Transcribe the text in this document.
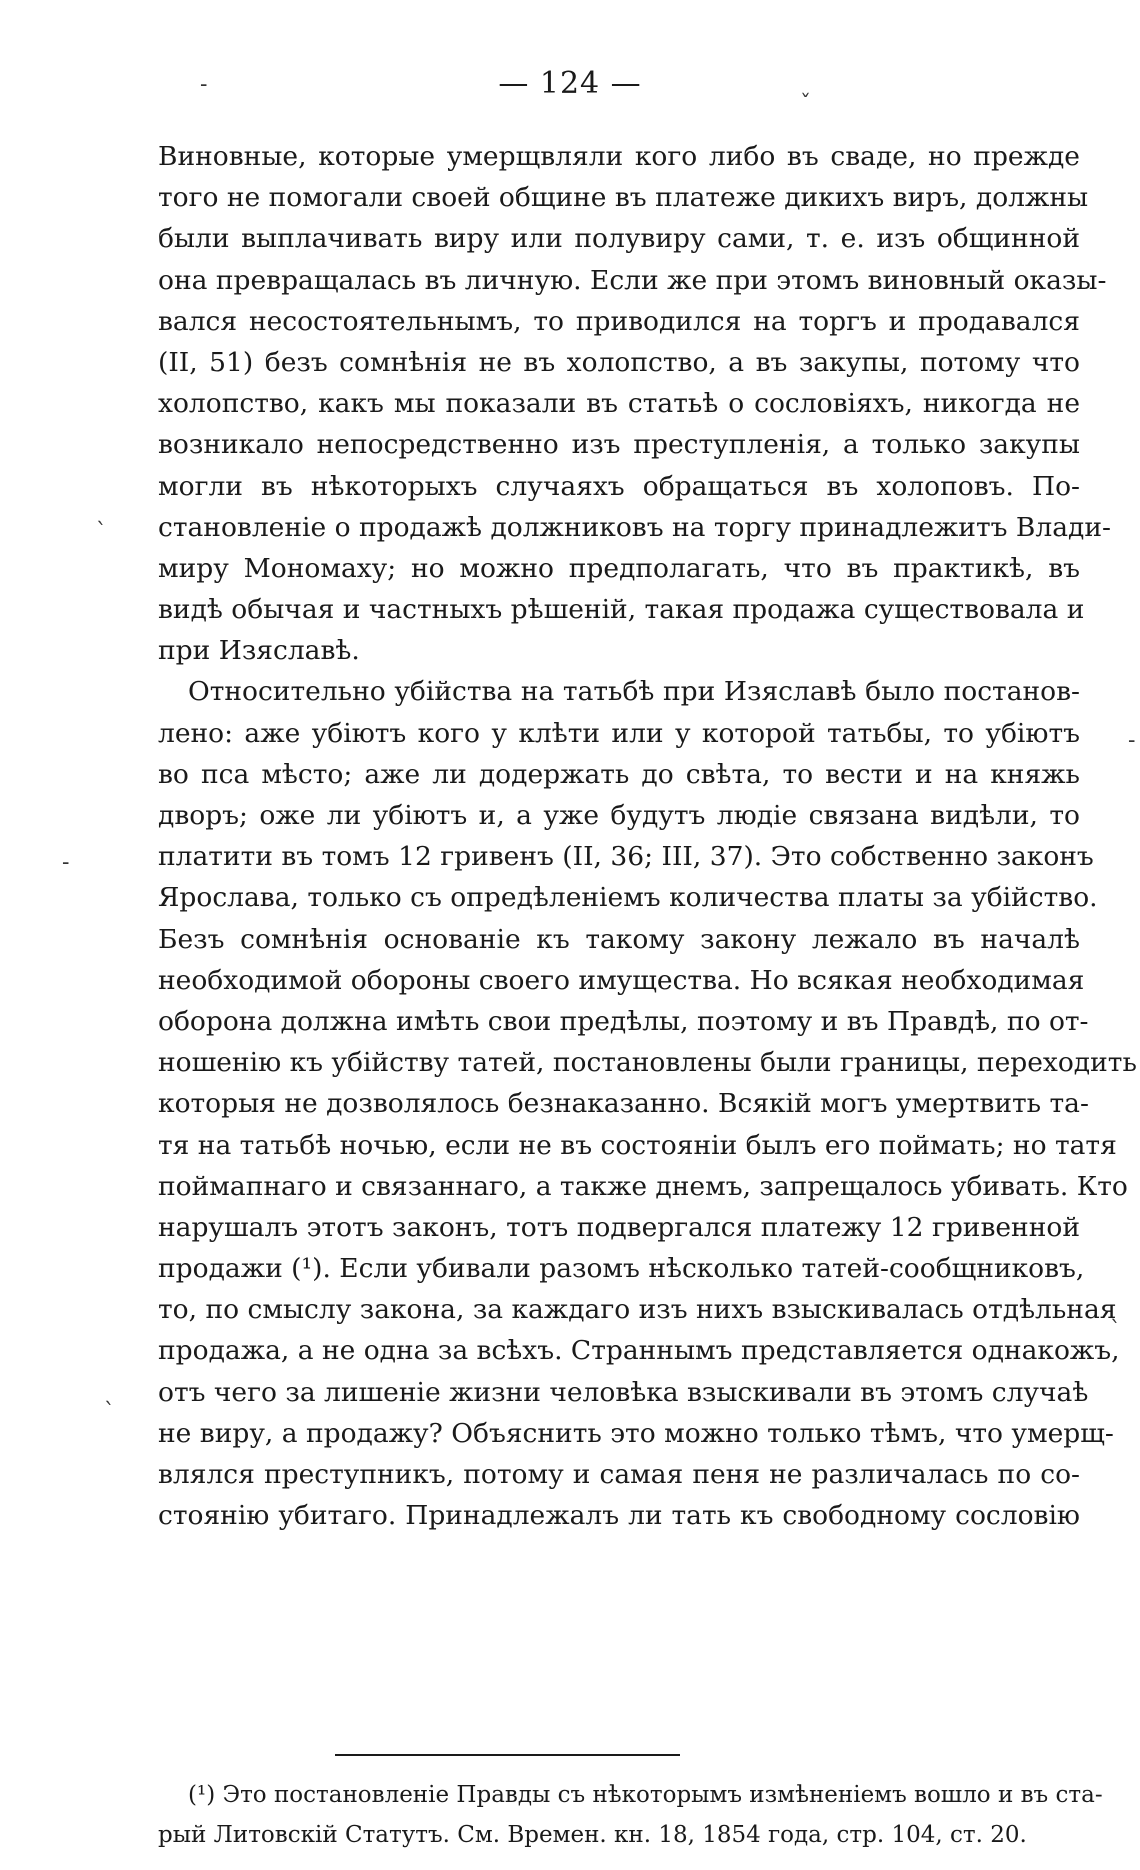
— 124 —
Виновные, которые умерщвляли кого либо въ сваде, но прежде
того не помогали своей общине въ платеже дикихъ виръ, должны
были выплачивать виру или полувиру сами, т. е. изъ общинной
она превращалась въ личную. Если же при этомъ виновный оказы-
вался несостоятельнымъ, то приводился на торгъ и продавался
(II, 51) безъ сомнѣнія не въ холопство, а въ закупы, потому что
холопство, какъ мы показали въ статьѣ о сословіяхъ, никогда не
возникало непосредственно изъ преступленія, а только закупы
могли въ нѣкоторыхъ случаяхъ обращаться въ холоповъ. По-
становленіе о продажѣ должниковъ на торгу принадлежитъ Влади-
миру Мономаху; но можно предполагать, что въ практикѣ, въ
видѣ обычая и частныхъ рѣшеній, такая продажа существовала и
при Изяславѣ.
Относительно убійства на татьбѣ при Изяславѣ было постанов-
лено: аже убіютъ кого у клѣти или у которой татьбы, то убіютъ
во пса мѣсто; аже ли додержать до свѣта, то вести и на княжь
дворъ; оже ли убіютъ и, а уже будутъ людіе связана видѣли, то
платити въ томъ 12 гривенъ (II, 36; III, 37). Это собственно законъ
Ярослава, только съ опредѣленіемъ количества платы за убійство.
Безъ сомнѣнія основаніе къ такому закону лежало въ началѣ
необходимой обороны своего имущества. Но всякая необходимая
оборона должна имѣть свои предѣлы, поэтому и въ Правдѣ, по от-
ношенію къ убійству татей, постановлены были границы, переходить
которыя не дозволялось безнаказанно. Всякій могъ умертвить та-
тя на татьбѣ ночью, если не въ состояніи былъ его поймать; но татя
поймапнаго и связаннаго, а также днемъ, запрещалось убивать. Кто
нарушалъ этотъ законъ, тотъ подвергался платежу 12 гривенной
продажи (¹). Если убивали разомъ нѣсколько татей-сообщниковъ,
то, по смыслу закона, за каждаго изъ нихъ взыскивалась отдѣльная
продажа, а не одна за всѣхъ. Страннымъ представляется однакожъ,
отъ чего за лишеніе жизни человѣка взыскивали въ этомъ случаѣ
не виру, а продажу? Объяснить это можно только тѣмъ, что умерщ-
влялся преступникъ, потому и самая пеня не различалась по со-
стоянію убитаго. Принадлежалъ ли тать къ свободному сословію
(¹) Это постановленіе Правды съ нѣкоторымъ измѣненіемъ вошло и въ ста-
рый Литовскій Статутъ. См. Времен. кн. 18, 1854 года, стр. 104, ст. 20.
-
ˇ
ˋ
-
-
ˋ
ˋ
